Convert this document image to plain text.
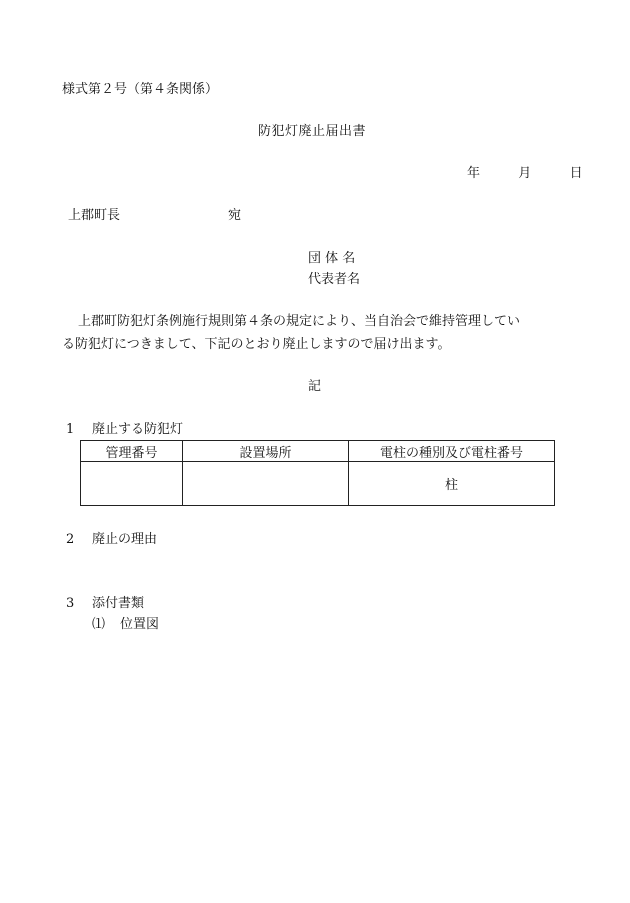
様式第２号（第４条関係）
防犯灯廃止届出書
年	月	日
上郡町長	宛
団 体 名
代表者名
上郡町防犯灯条例施行規則第４条の規定により、当自治会で維持管理してい
る防犯灯につきまして、下記のとおり廃止しますので届け出ます。
記
1 廃止する防犯灯
管理番号	設置場所	電柱の種別及び電柱番号
		柱
2 廃止の理由
3 添付書類
⑴ 位置図
